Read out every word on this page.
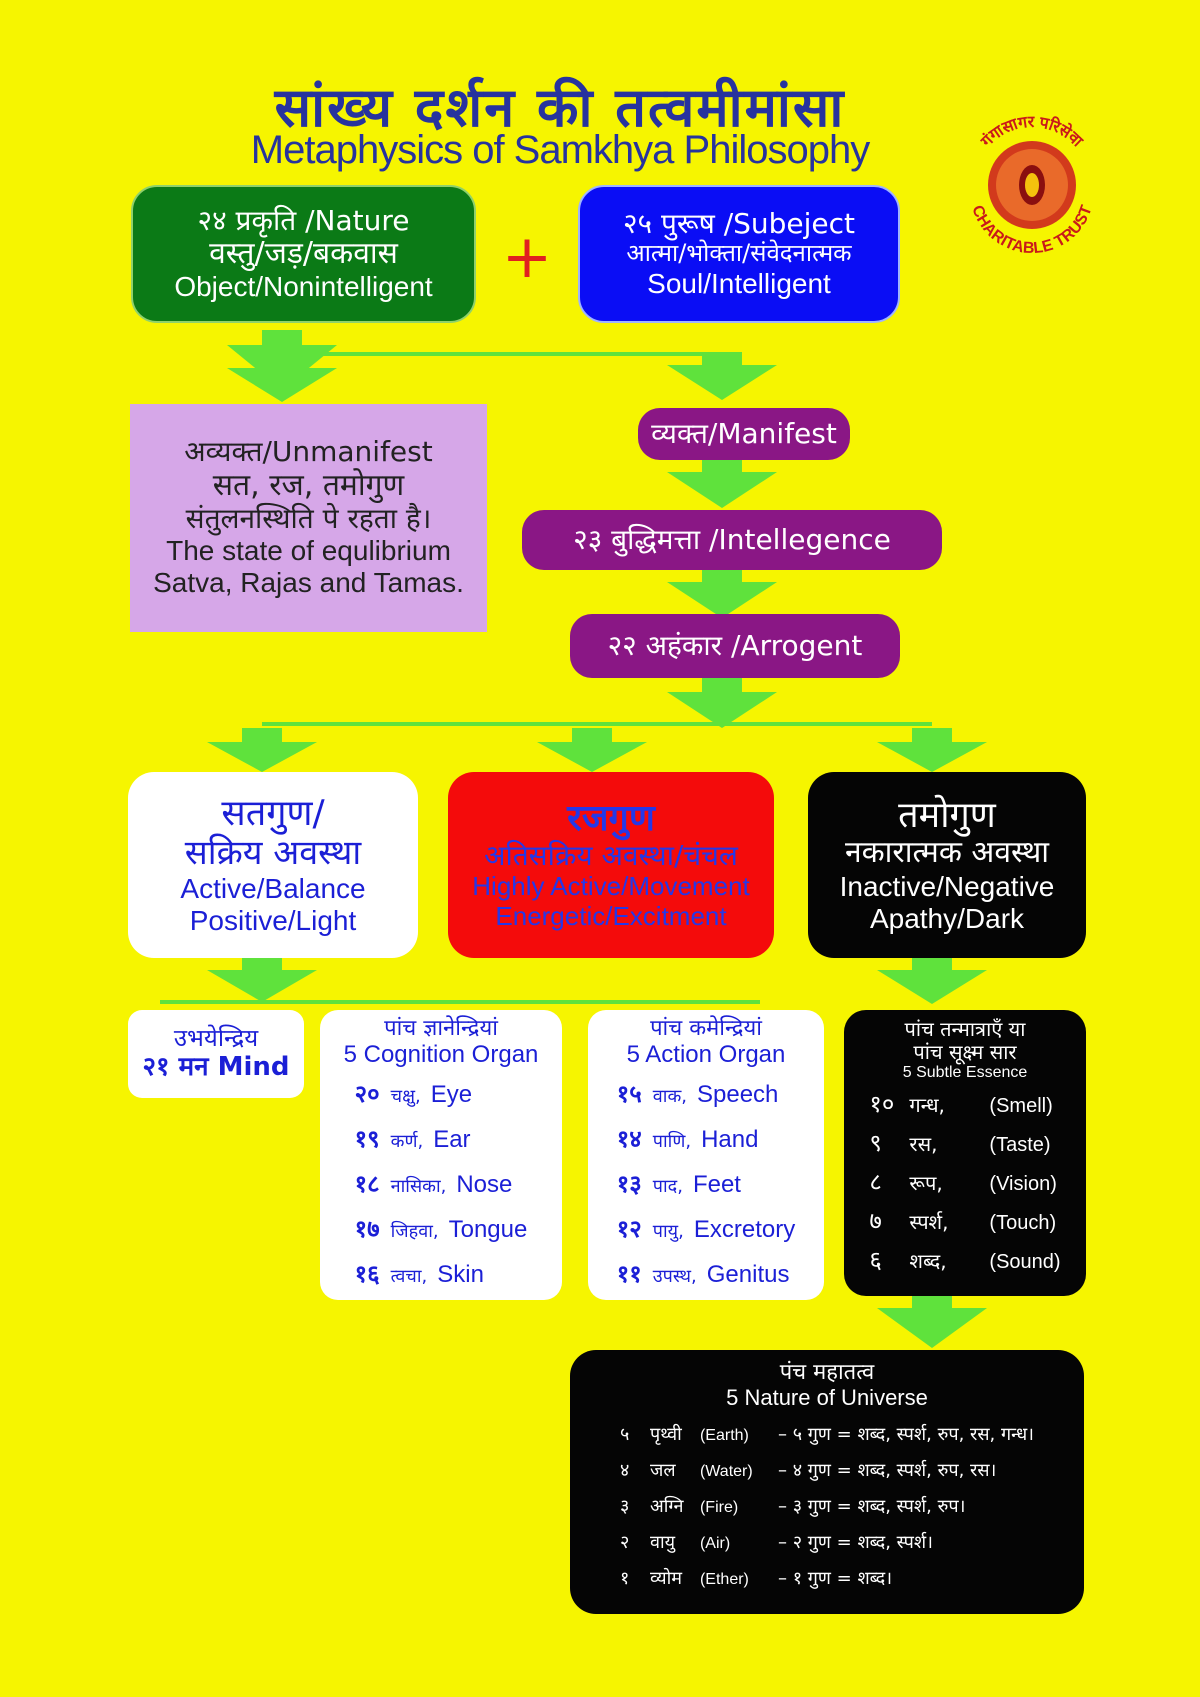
सांख्य दर्शन की तत्वमीमांसा
Metaphysics of Samkhya Philosophy	गंगासागर परिसेवा
CHARITABLE TRUST
+
२४ प्रकृति /Nature
वस्तु/जड़/बकवास
Object/Nonintelligent
२५ पुरूष /Subeject
आत्मा/भोक्ता/संवेदनात्मक
Soul/Intelligent
अव्यक्त/Unmanifest
सत, रज, तमोगुण
संतुलनस्थिति पे रहता है।
The state of equlibrium
Satva, Rajas and Tamas.
व्यक्त/Manifest
२३ बुद्धिमत्ता /Intellegence
२२ अहंकार /Arrogent
सतगुण/
सक्रिय अवस्था
Active/Balance
Positive/Light
रजगुण
अतिसक्रिय अवस्था/चंचल
Highly Active/Movement
Energetic/Excitment
तमोगुण
नकारात्मक अवस्था
Inactive/Negative
Apathy/Dark
उभयेन्द्रिय
२१ मन Mind
पांच ज्ञानेन्द्रियां
5 Cognition Organ
२० चक्षु, Eye
१९ कर्ण, Ear
१८ नासिका, Nose
१७ जिहवा, Tongue
१६ त्वचा, Skin
पांच कमेन्द्रियां
5 Action Organ
१५ वाक, Speech
१४ पाणि, Hand
१३ पाद, Feet
१२ पायु, Excretory
११ उपस्थ, Genitus
पांच तन्मात्राएँ या
पांच सूक्ष्म सार
5 Subtle Essence
१० गन्ध, (Smell)
९ रस,	(Taste)
८ रूप, (Vision)
७ स्पर्श, (Touch)
६ शब्द, (Sound)
पंच महातत्व
5 Nature of Universe
५ पृथ्वी (Earth) – ५ गुण = शब्द, स्पर्श, रुप, रस, गन्ध।
४ जल (Water) – ४ गुण = शब्द, स्पर्श, रुप, रस।
३ अग्नि (Fire) – ३ गुण = शब्द, स्पर्श, रुप।
२ वायु (Air)	– २ गुण = शब्द, स्पर्श।
१ व्योम (Ether) – १ गुण = शब्द।
